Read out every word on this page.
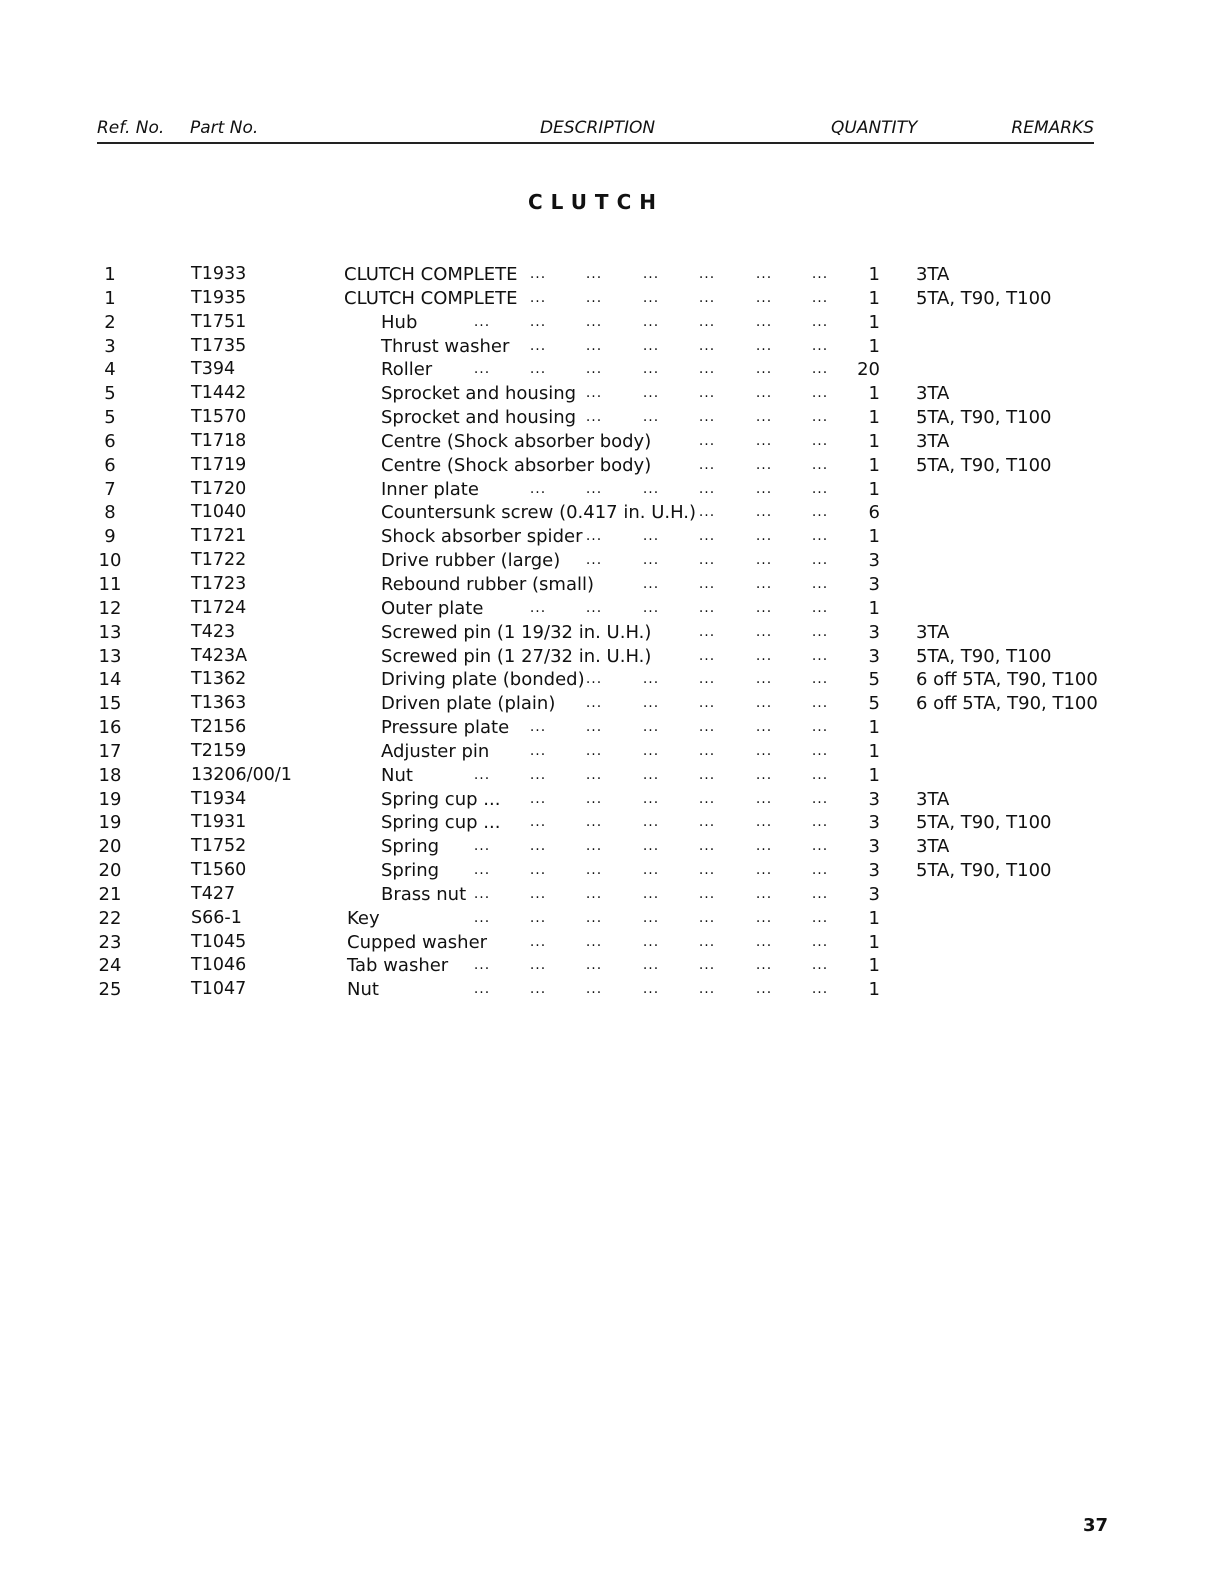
Ref. No. Part No.	DESCRIPTION	QUANTITY	REMARKS
CLUTCH
1	T1933	CLUTCH COMPLETE ...	...	...	...	...	...	1 3TA
1	T1935	CLUTCH COMPLETE ...	...	...	...	...	...	1 5TA, T90, T100
2	T1751	Hub	...	...	...	...	...	...	...	1
3	T1735	Thrust washer ...	...	...	...	...	...	1
4	T394	Roller	...	...	...	...	...	...	... 20
5	T1442	Sprocket and housing ...	...	...	...	...	1 3TA
5	T1570	Sprocket and housing ...	...	...	...	...	1 5TA, T90, T100
6	T1718	Centre (Shock absorber body)	...	...	...	1 3TA
6	T1719	Centre (Shock absorber body)	...	...	...	1 5TA, T90, T100
7	T1720	Inner plate	...	...	...	...	...	...	1
8	T1040	Countersunk screw (0.417 in. U.H.) ...	...	...	6
9	T1721	Shock absorber spider ...	...	...	...	...	1
10	T1722	Drive rubber (large) ...	...	...	...	...	3
11	T1723	Rebound rubber (small)	...	...	...	...	3
12	T1724	Outer plate	...	...	...	...	...	...	1
13	T423	Screwed pin (1 19/32 in. U.H.)	...	...	...	3 3TA
13	T423A	Screwed pin (1 27/32 in. U.H.)	...	...	...	3 5TA, T90, T100
14	T1362	Driving plate (bonded) ...	...	...	...	...	5 6 off 5TA, T90, T100
15	T1363	Driven plate (plain) ...	...	...	...	...	5 6 off 5TA, T90, T100
16	T2156	Pressure plate ...	...	...	...	...	...	1
17	T2159	Adjuster pin	...	...	...	...	...	...	1
18	13206/00/1	Nut	...	...	...	...	...	...	...	1
19	T1934	Spring cup ... ...	...	...	...	...	...	3 3TA
19	T1931	Spring cup ... ...	...	...	...	...	...	3 5TA, T90, T100
20	T1752	Spring ...	...	...	...	...	...	...	3 3TA
20	T1560	Spring ...	...	...	...	...	...	...	3 5TA, T90, T100
21	T427	Brass nut ...	...	...	...	...	...	...	3
22	S66-1	Key	...	...	...	...	...	...	...	1
23	T1045	Cupped washer	...	...	...	...	...	...	1
24	T1046	Tab washer ...	...	...	...	...	...	...	1
25	T1047	Nut	...	...	...	...	...	...	...	1
37
